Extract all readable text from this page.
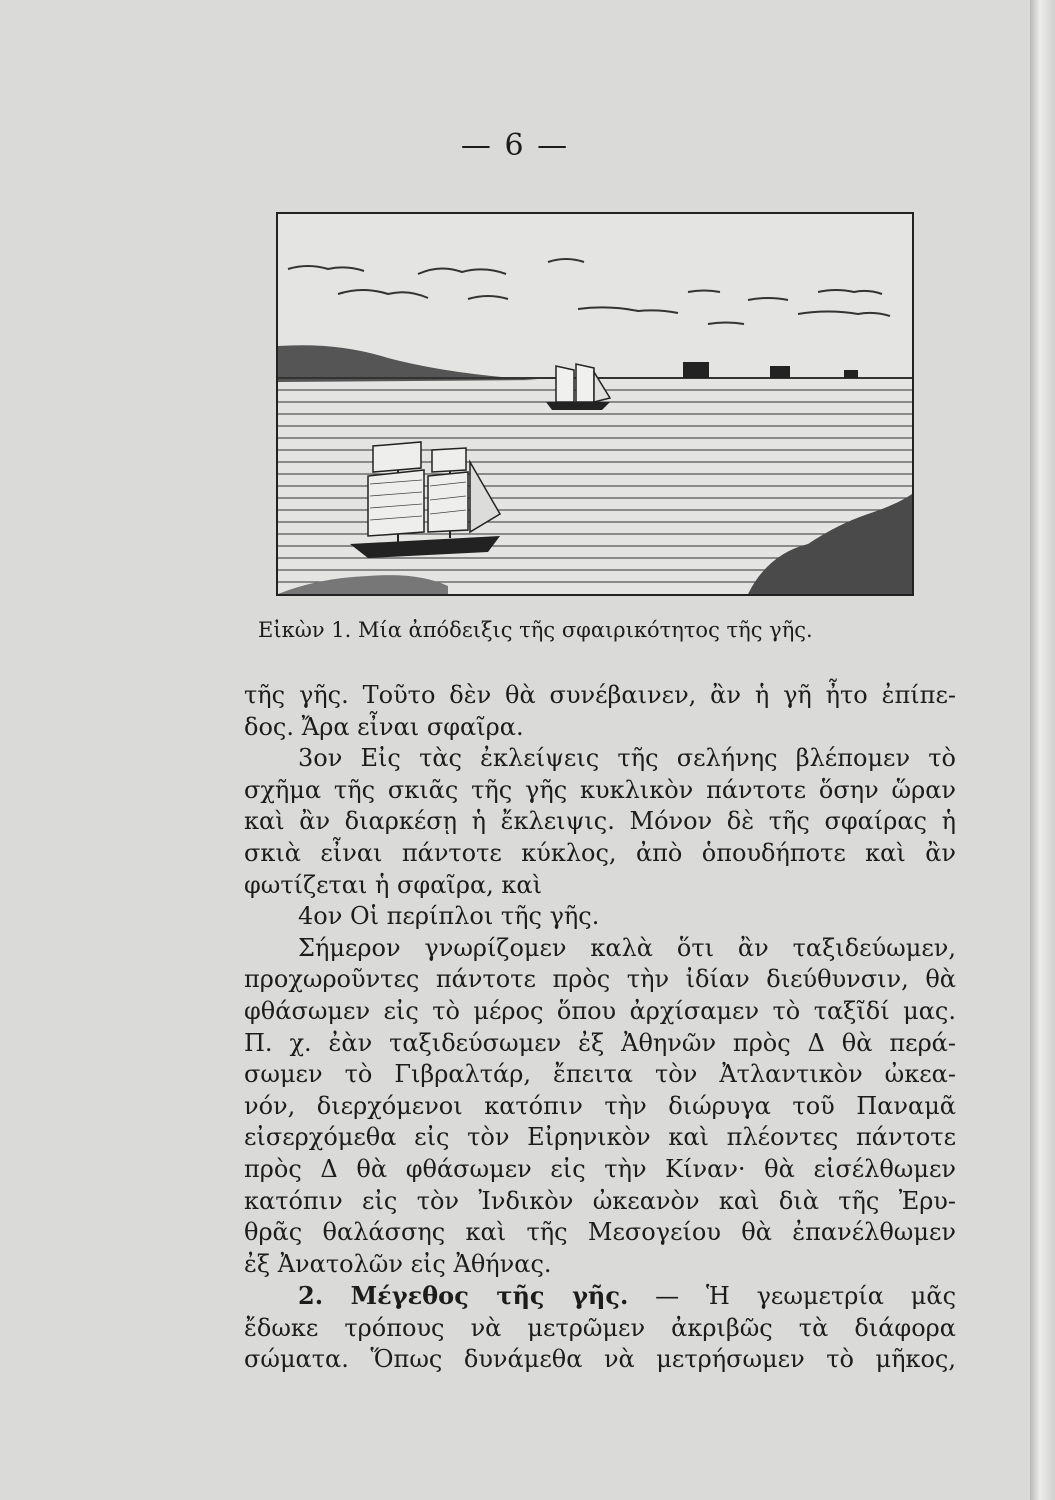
— 6 —
Εἰκὼν 1. Μία ἀπόδειξις τῆς σφαιρικότητος τῆς γῆς.
τῆς γῆς. Τοῦτο δὲν θὰ συνέβαινεν, ἂν ἡ γῆ ἦτο ἐπίπε-
δος. Ἄρα εἶναι σφαῖρα.
3ον Εἰς τὰς ἐκλείψεις τῆς σελήνης βλέπομεν τὸ
σχῆμα τῆς σκιᾶς τῆς γῆς κυκλικὸν πάντοτε ὅσην ὥραν
καὶ ἂν διαρκέσῃ ἡ ἔκλειψις. Μόνον δὲ τῆς σφαίρας ἡ
σκιὰ εἶναι πάντοτε κύκλος, ἀπὸ ὁπουδήποτε καὶ ἂν
φωτίζεται ἡ σφαῖρα, καὶ
4ον Οἱ περίπλοι τῆς γῆς.
Σήμερον γνωρίζομεν καλὰ ὅτι ἂν ταξιδεύωμεν,
προχωροῦντες πάντοτε πρὸς τὴν ἰδίαν διεύθυνσιν, θὰ
φθάσωμεν εἰς τὸ μέρος ὅπου ἀρχίσαμεν τὸ ταξῖδί μας.
Π. χ. ἐὰν ταξιδεύσωμεν ἐξ Ἀθηνῶν πρὸς Δ θὰ περά-
σωμεν τὸ Γιβραλτάρ, ἔπειτα τὸν Ἀτλαντικὸν ὠκεα-
νόν, διερχόμενοι κατόπιν τὴν διώρυγα τοῦ Παναμᾶ
εἰσερχόμεθα εἰς τὸν Εἰρηνικὸν καὶ πλέοντες πάντοτε
πρὸς Δ θὰ φθάσωμεν εἰς τὴν Κίναν· θὰ εἰσέλθωμεν
κατόπιν εἰς τὸν Ἰνδικὸν ὠκεανὸν καὶ διὰ τῆς Ἐρυ-
θρᾶς θαλάσσης καὶ τῆς Μεσογείου θὰ ἐπανέλθωμεν
ἐξ Ἀνατολῶν εἰς Ἀθήνας.
2. Μέγεθος τῆς γῆς. — Ἡ γεωμετρία μᾶς
ἔδωκε τρόπους νὰ μετρῶμεν ἀκριβῶς τὰ διάφορα
σώματα. Ὅπως δυνάμεθα νὰ μετρήσωμεν τὸ μῆκος,
